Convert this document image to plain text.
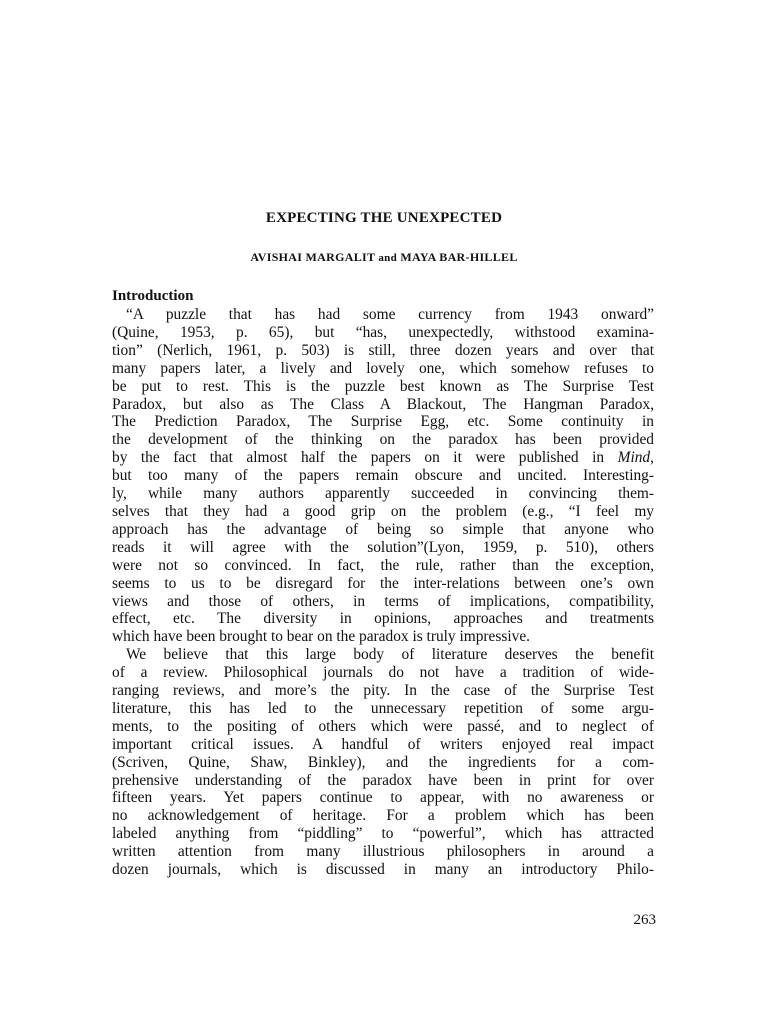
EXPECTING THE UNEXPECTED

AVISHAI MARGALIT and MAYA BAR-HILLEL

Introduction
“A puzzle that has had some currency from 1943 onward”
(Quine, 1953, p. 65), but “has, unexpectedly, withstood examina-
tion” (Nerlich, 1961, p. 503) is still, three dozen years and over that
many papers later, a lively and lovely one, which somehow refuses to
be put to rest. This is the puzzle best known as The Surprise Test
Paradox, but also as The Class A Blackout, The Hangman Paradox,
The Prediction Paradox, The Surprise Egg, etc. Some continuity in
the development of the thinking on the paradox has been provided
by the fact that almost half the papers on it were published in Mind,
but too many of the papers remain obscure and uncited. Interesting-
ly, while many authors apparently succeeded in convincing them-
selves that they had a good grip on the problem (e.g., “I feel my
approach has the advantage of being so simple that anyone who
reads it will agree with the solution”(Lyon, 1959, p. 510), others
were not so convinced. In fact, the rule, rather than the exception,
seems to us to be disregard for the inter-relations between one’s own
views and those of others, in terms of implications, compatibility,
effect, etc. The diversity in opinions, approaches and treatments
which have been brought to bear on the paradox is truly impressive.
We believe that this large body of literature deserves the benefit
of a review. Philosophical journals do not have a tradition of wide-
ranging reviews, and more’s the pity. In the case of the Surprise Test
literature, this has led to the unnecessary repetition of some argu-
ments, to the positing of others which were passé, and to neglect of
important critical issues. A handful of writers enjoyed real impact
(Scriven, Quine, Shaw, Binkley), and the ingredients for a com-
prehensive understanding of the paradox have been in print for over
fifteen years. Yet papers continue to appear, with no awareness or
no acknowledgement of heritage. For a problem which has been
labeled anything from “piddling” to “powerful”, which has attracted
written attention from many illustrious philosophers in around a
dozen journals, which is discussed in many an introductory Philo-

263
